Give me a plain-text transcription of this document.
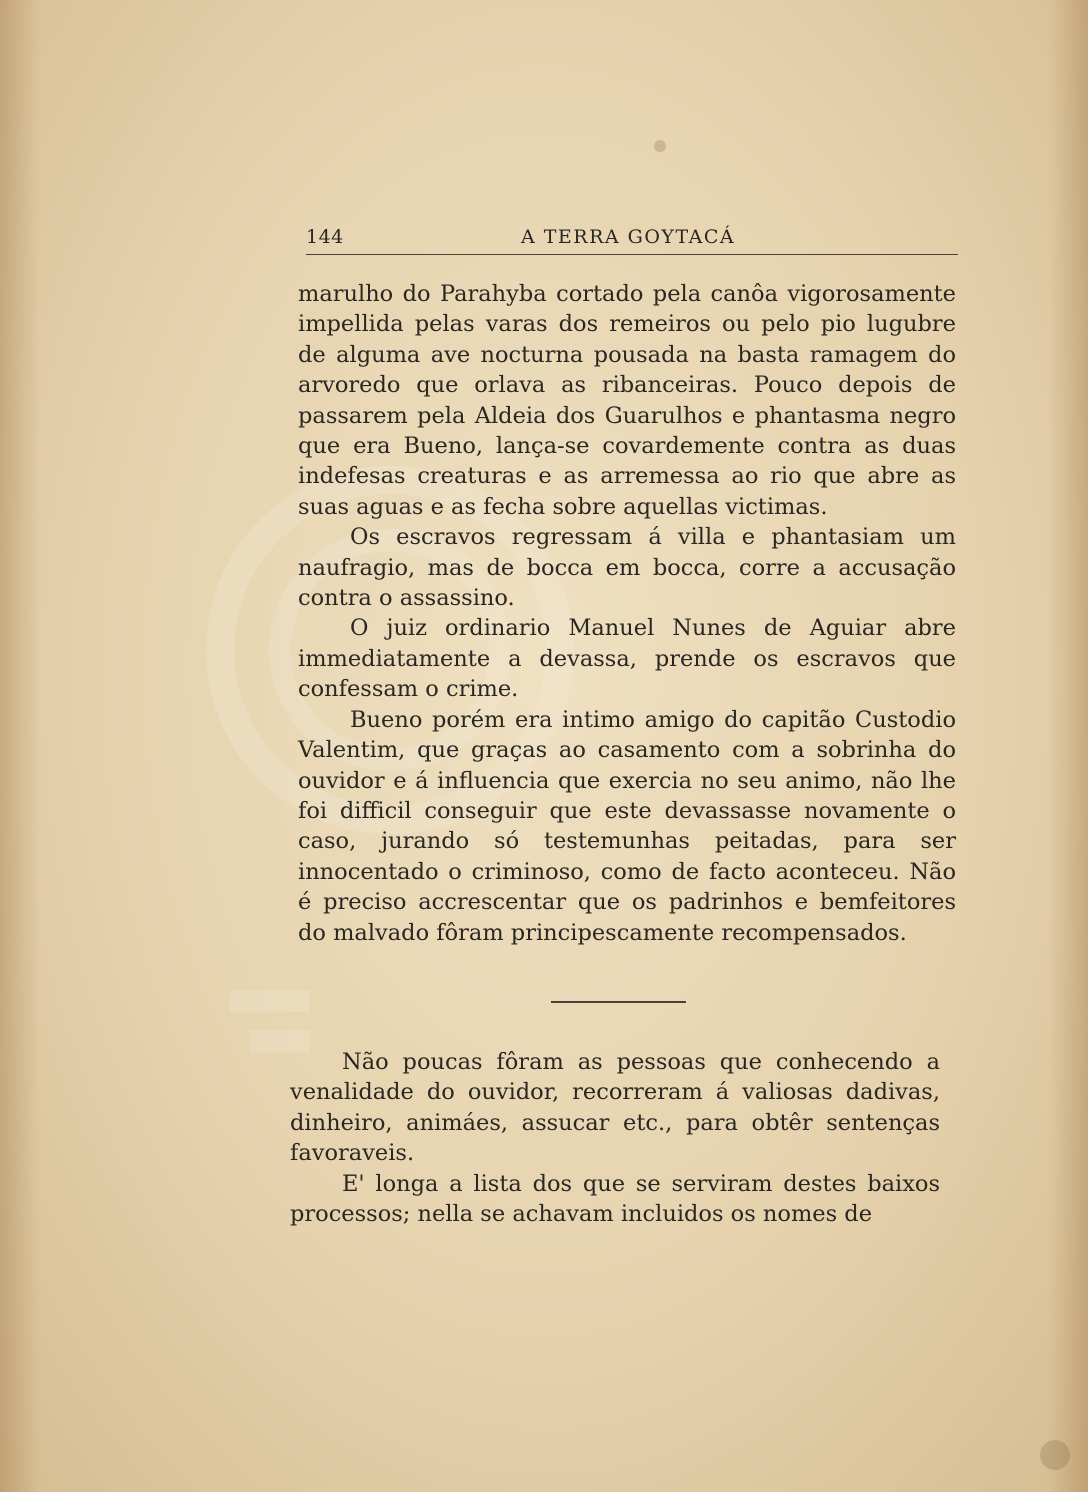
144	A TERRA GOYTACÁ

marulho do Parahyba cortado pela canôa vigorosamente impellida pelas varas dos remeiros ou pelo pio lugubre de alguma ave nocturna pousada na basta ramagem do arvoredo que orlava as ribanceiras. Pouco depois de passarem pela Aldeia dos Guarulhos e phantasma negro que era Bueno, lança-se covardemente contra as duas indefesas creaturas e as arremessa ao rio que abre as suas aguas e as fecha sobre aquellas victimas.

Os escravos regressam á villa e phantasiam um naufragio, mas de bocca em bocca, corre a accusação contra o assassino.

O juiz ordinario Manuel Nunes de Aguiar abre immediatamente a devassa, prende os escravos que confessam o crime.

Bueno porém era intimo amigo do capitão Custodio Valentim, que graças ao casamento com a sobrinha do ouvidor e á influencia que exercia no seu animo, não lhe foi difficil conseguir que este devassasse novamente o caso, jurando só testemunhas peitadas, para ser innocentado o criminoso, como de facto aconteceu. Não é preciso accrescentar que os padrinhos e bemfeitores do malvado fôram principescamente recompensados.

Não poucas fôram as pessoas que conhecendo a venalidade do ouvidor, recorreram á valiosas dadivas, dinheiro, animáes, assucar etc., para obtêr sentenças favoraveis.

E' longa a lista dos que se serviram destes baixos processos; nella se achavam incluidos os nomes de
